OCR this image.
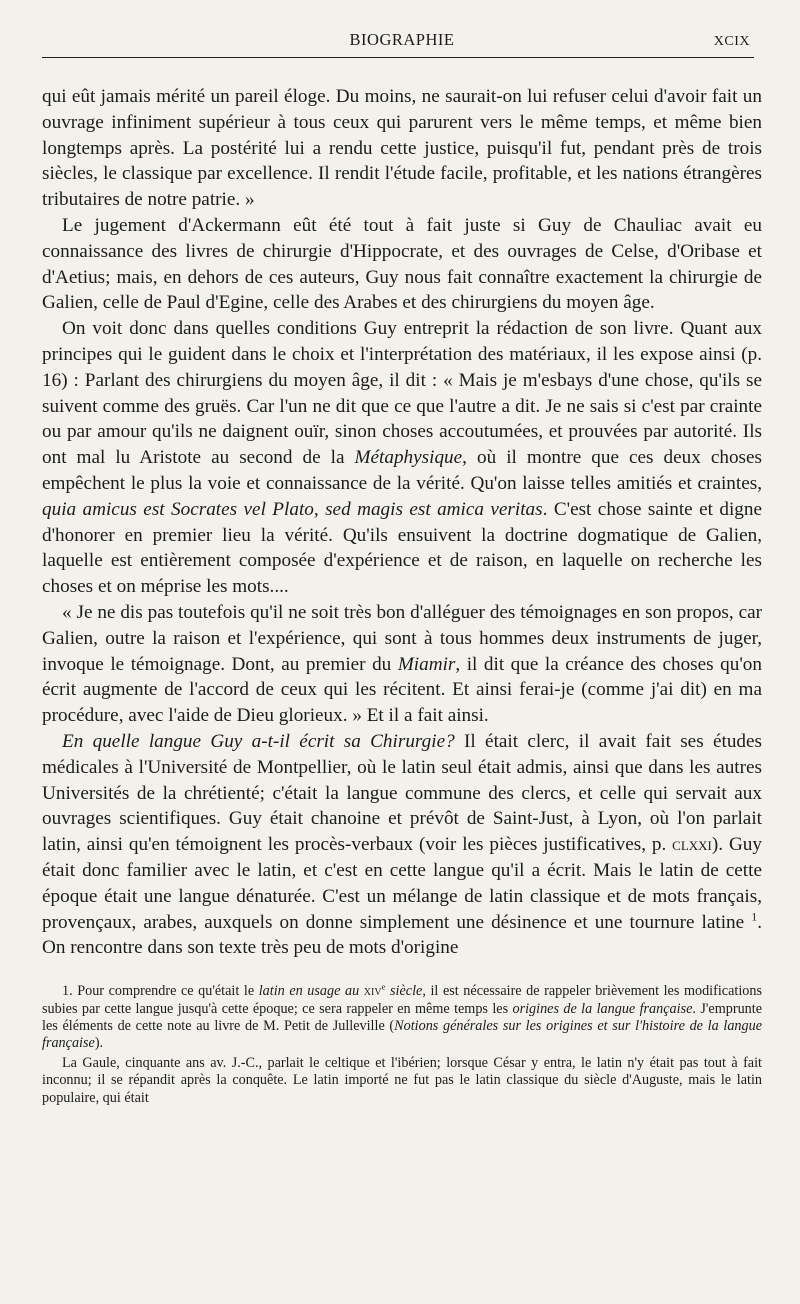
BIOGRAPHIE	XCIX

qui eût jamais mérité un pareil éloge. Du moins, ne saurait-on lui refuser celui d'avoir fait un ouvrage infiniment supérieur à tous ceux qui parurent vers le même temps, et même bien longtemps après. La postérité lui a rendu cette justice, puisqu'il fut, pendant près de trois siècles, le classique par excellence. Il rendit l'étude facile, profitable, et les nations étrangères tributaires de notre patrie. »

Le jugement d'Ackermann eût été tout à fait juste si Guy de Chauliac avait eu connaissance des livres de chirurgie d'Hippocrate, et des ouvrages de Celse, d'Oribase et d'Aetius; mais, en dehors de ces auteurs, Guy nous fait connaître exactement la chirurgie de Galien, celle de Paul d'Egine, celle des Arabes et des chirurgiens du moyen âge.

On voit donc dans quelles conditions Guy entreprit la rédaction de son livre. Quant aux principes qui le guident dans le choix et l'interprétation des matériaux, il les expose ainsi (p. 16) : Parlant des chirurgiens du moyen âge, il dit : « Mais je m'esbays d'une chose, qu'ils se suivent comme des gruës. Car l'un ne dit que ce que l'autre a dit. Je ne sais si c'est par crainte ou par amour qu'ils ne daignent ouïr, sinon choses accoutumées, et prouvées par autorité. Ils ont mal lu Aristote au second de la Métaphysique, où il montre que ces deux choses empêchent le plus la voie et connaissance de la vérité. Qu'on laisse telles amitiés et craintes, quia amicus est Socrates vel Plato, sed magis est amica veritas. C'est chose sainte et digne d'honorer en premier lieu la vérité. Qu'ils ensuivent la doctrine dogmatique de Galien, laquelle est entièrement composée d'expérience et de raison, en laquelle on recherche les choses et on méprise les mots....

« Je ne dis pas toutefois qu'il ne soit très bon d'alléguer des témoignages en son propos, car Galien, outre la raison et l'expérience, qui sont à tous hommes deux instruments de juger, invoque le témoignage. Dont, au premier du Miamir, il dit que la créance des choses qu'on écrit augmente de l'accord de ceux qui les récitent. Et ainsi ferai-je (comme j'ai dit) en ma procédure, avec l'aide de Dieu glorieux. » Et il a fait ainsi.

En quelle langue Guy a-t-il écrit sa Chirurgie? Il était clerc, il avait fait ses études médicales à l'Université de Montpellier, où le latin seul était admis, ainsi que dans les autres Universités de la chrétienté; c'était la langue commune des clercs, et celle qui servait aux ouvrages scientifiques. Guy était chanoine et prévôt de Saint-Just, à Lyon, où l'on parlait latin, ainsi qu'en témoignent les procès-verbaux (voir les pièces justificatives, p. clxxi). Guy était donc familier avec le latin, et c'est en cette langue qu'il a écrit. Mais le latin de cette époque était une langue dénaturée. C'est un mélange de latin classique et de mots français, provençaux, arabes, auxquels on donne simplement une désinence et une tournure latine $^1$. On rencontre dans son texte très peu de mots d'origine

1. Pour comprendre ce qu'était le latin en usage au xiv$^e$ siècle, il est nécessaire de rappeler brièvement les modifications subies par cette langue jusqu'à cette époque; ce sera rappeler en même temps les origines de la langue française. J'emprunte les éléments de cette note au livre de M. Petit de Julleville (Notions générales sur les origines et sur l'histoire de la langue française).

La Gaule, cinquante ans av. J.-C., parlait le celtique et l'ibérien; lorsque César y entra, le latin n'y était pas tout à fait inconnu; il se répandit après la conquête. Le latin importé ne fut pas le latin classique du siècle d'Auguste, mais le latin populaire, qui était
